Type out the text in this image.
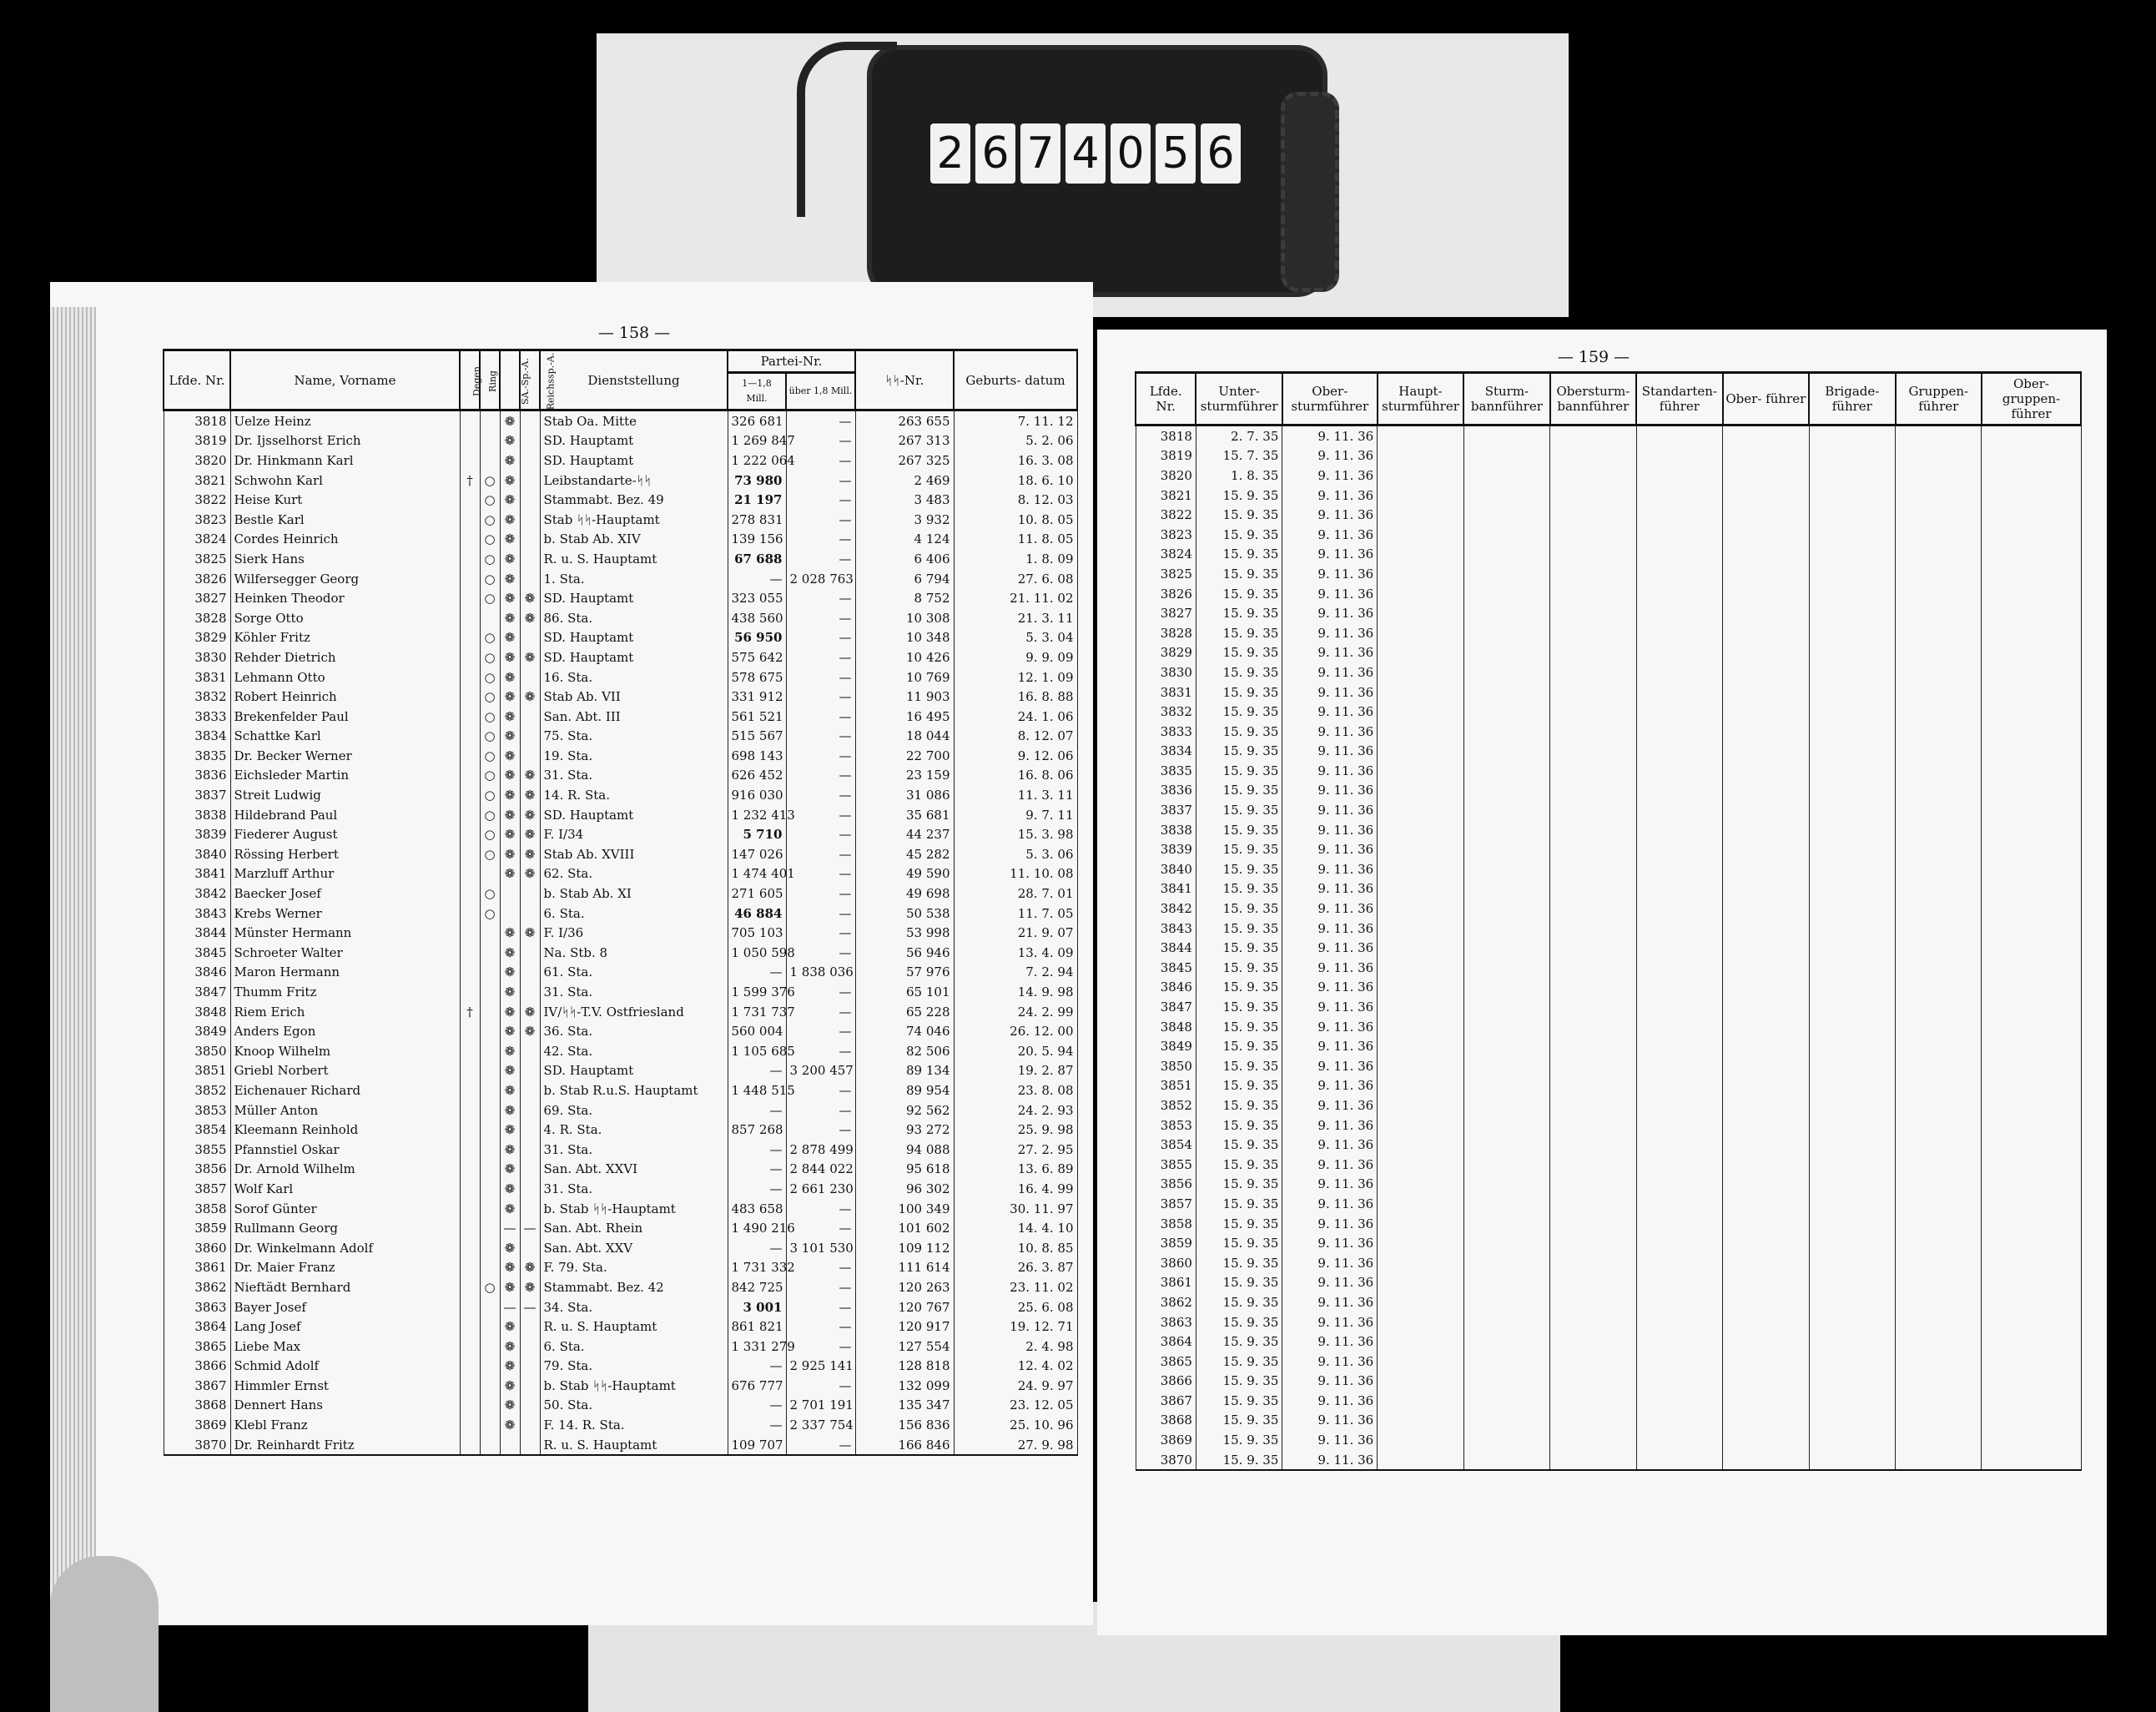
2 6 7 4 0 5 6
— 158 —
Lfde. Nr.	Name, Vorname	Degen	Ring	SA.-Sp.-A.	Reichssp.-A.	Dienststellung	Partei-Nr.		ᛋᛋ-Nr.	Geburts- datum
							1—1,8 Mill.	über 1,8 Mill.		
3818	Uelze Heinz			❁		Stab Oa. Mitte	326 681	—	263 655	7. 11. 12
3819	Dr. Ijsselhorst Erich			❁		SD. Hauptamt	1 269 847	—	267 313	5. 2. 06
3820	Dr. Hinkmann Karl			❁		SD. Hauptamt	1 222 064	—	267 325	16. 3. 08
3821	Schwohn Karl	†	○	❁		Leibstandarte-ᛋᛋ	73 980	—	2 469	18. 6. 10
3822	Heise Kurt		○	❁		Stammabt. Bez. 49	21 197	—	3 483	8. 12. 03
3823	Bestle Karl		○	❁		Stab ᛋᛋ-Hauptamt	278 831	—	3 932	10. 8. 05
3824	Cordes Heinrich		○	❁		b. Stab Ab. XIV	139 156	—	4 124	11. 8. 05
3825	Sierk Hans		○	❁		R. u. S. Hauptamt	67 688	—	6 406	1. 8. 09
3826	Wilfersegger Georg		○	❁		1. Sta.	—	2 028 763	6 794	27. 6. 08
3827	Heinken Theodor		○	❁	❁	SD. Hauptamt	323 055	—	8 752	21. 11. 02
3828	Sorge Otto			❁	❁	86. Sta.	438 560	—	10 308	21. 3. 11
3829	Köhler Fritz		○	❁		SD. Hauptamt	56 950	—	10 348	5. 3. 04
3830	Rehder Dietrich		○	❁	❁	SD. Hauptamt	575 642	—	10 426	9. 9. 09
3831	Lehmann Otto		○	❁		16. Sta.	578 675	—	10 769	12. 1. 09
3832	Robert Heinrich		○	❁	❁	Stab Ab. VII	331 912	—	11 903	16. 8. 88
3833	Brekenfelder Paul		○	❁		San. Abt. III	561 521	—	16 495	24. 1. 06
3834	Schattke Karl		○	❁		75. Sta.	515 567	—	18 044	8. 12. 07
3835	Dr. Becker Werner		○	❁		19. Sta.	698 143	—	22 700	9. 12. 06
3836	Eichsleder Martin		○	❁	❁	31. Sta.	626 452	—	23 159	16. 8. 06
3837	Streit Ludwig		○	❁	❁	14. R. Sta.	916 030	—	31 086	11. 3. 11
3838	Hildebrand Paul		○	❁	❁	SD. Hauptamt	1 232 413	—	35 681	9. 7. 11
3839	Fiederer August		○	❁	❁	F. I/34	5 710	—	44 237	15. 3. 98
3840	Rössing Herbert		○	❁	❁	Stab Ab. XVIII	147 026	—	45 282	5. 3. 06
3841	Marzluff Arthur			❁	❁	62. Sta.	1 474 401	—	49 590	11. 10. 08
3842	Baecker Josef		○			b. Stab Ab. XI	271 605	—	49 698	28. 7. 01
3843	Krebs Werner		○			6. Sta.	46 884	—	50 538	11. 7. 05
3844	Münster Hermann			❁	❁	F. I/36	705 103	—	53 998	21. 9. 07
3845	Schroeter Walter			❁		Na. Stb. 8	1 050 598	—	56 946	13. 4. 09
3846	Maron Hermann			❁		61. Sta.	—	1 838 036	57 976	7. 2. 94
3847	Thumm Fritz			❁		31. Sta.	1 599 376	—	65 101	14. 9. 98
3848	Riem Erich	†		❁	❁	IV/ᛋᛋ-T.V. Ostfriesland	1 731 737	—	65 228	24. 2. 99
3849	Anders Egon			❁	❁	36. Sta.	560 004	—	74 046	26. 12. 00
3850	Knoop Wilhelm			❁		42. Sta.	1 105 685	—	82 506	20. 5. 94
3851	Griebl Norbert			❁		SD. Hauptamt	—	3 200 457	89 134	19. 2. 87
3852	Eichenauer Richard			❁		b. Stab R.u.S. Hauptamt	1 448 515	—	89 954	23. 8. 08
3853	Müller Anton			❁		69. Sta.	—	—	92 562	24. 2. 93
3854	Kleemann Reinhold			❁		4. R. Sta.	857 268	—	93 272	25. 9. 98
3855	Pfannstiel Oskar			❁		31. Sta.	—	2 878 499	94 088	27. 2. 95
3856	Dr. Arnold Wilhelm			❁		San. Abt. XXVI	—	2 844 022	95 618	13. 6. 89
3857	Wolf Karl			❁		31. Sta.	—	2 661 230	96 302	16. 4. 99
3858	Sorof Günter			❁		b. Stab ᛋᛋ-Hauptamt	483 658	—	100 349	30. 11. 97
3859	Rullmann Georg			—	—	San. Abt. Rhein	1 490 216	—	101 602	14. 4. 10
3860	Dr. Winkelmann Adolf			❁		San. Abt. XXV	—	3 101 530	109 112	10. 8. 85
3861	Dr. Maier Franz			❁	❁	F. 79. Sta.	1 731 332	—	111 614	26. 3. 87
3862	Nieftädt Bernhard		○	❁	❁	Stammabt. Bez. 42	842 725	—	120 263	23. 11. 02
3863	Bayer Josef			—	—	34. Sta.	3 001	—	120 767	25. 6. 08
3864	Lang Josef			❁		R. u. S. Hauptamt	861 821	—	120 917	19. 12. 71
3865	Liebe Max			❁		6. Sta.	1 331 279	—	127 554	2. 4. 98
3866	Schmid Adolf			❁		79. Sta.	—	2 925 141	128 818	12. 4. 02
3867	Himmler Ernst			❁		b. Stab ᛋᛋ-Hauptamt	676 777	—	132 099	24. 9. 97
3868	Dennert Hans			❁		50. Sta.	—	2 701 191	135 347	23. 12. 05
3869	Klebl Franz			❁		F. 14. R. Sta.	—	2 337 754	156 836	25. 10. 96
3870	Dr. Reinhardt Fritz					R. u. S. Hauptamt	109 707	—	166 846	27. 9. 98
— 159 —
Lfde. Nr.	Unter- sturmführer	Ober- sturmführer	Haupt- sturmführer	Sturm- bannführer	Obersturm- bannführer	Standarten- führer	Ober- führer	Brigade- führer	Gruppen- führer	Ober- gruppen- führer
3818	2. 7. 35	9. 11. 36								
3819	15. 7. 35	9. 11. 36								
3820	1. 8. 35	9. 11. 36								
3821	15. 9. 35	9. 11. 36								
3822	15. 9. 35	9. 11. 36								
3823	15. 9. 35	9. 11. 36								
3824	15. 9. 35	9. 11. 36								
3825	15. 9. 35	9. 11. 36								
3826	15. 9. 35	9. 11. 36								
3827	15. 9. 35	9. 11. 36								
3828	15. 9. 35	9. 11. 36								
3829	15. 9. 35	9. 11. 36								
3830	15. 9. 35	9. 11. 36								
3831	15. 9. 35	9. 11. 36								
3832	15. 9. 35	9. 11. 36								
3833	15. 9. 35	9. 11. 36								
3834	15. 9. 35	9. 11. 36								
3835	15. 9. 35	9. 11. 36								
3836	15. 9. 35	9. 11. 36								
3837	15. 9. 35	9. 11. 36								
3838	15. 9. 35	9. 11. 36								
3839	15. 9. 35	9. 11. 36								
3840	15. 9. 35	9. 11. 36								
3841	15. 9. 35	9. 11. 36								
3842	15. 9. 35	9. 11. 36								
3843	15. 9. 35	9. 11. 36								
3844	15. 9. 35	9. 11. 36								
3845	15. 9. 35	9. 11. 36								
3846	15. 9. 35	9. 11. 36								
3847	15. 9. 35	9. 11. 36								
3848	15. 9. 35	9. 11. 36								
3849	15. 9. 35	9. 11. 36								
3850	15. 9. 35	9. 11. 36								
3851	15. 9. 35	9. 11. 36								
3852	15. 9. 35	9. 11. 36								
3853	15. 9. 35	9. 11. 36								
3854	15. 9. 35	9. 11. 36								
3855	15. 9. 35	9. 11. 36								
3856	15. 9. 35	9. 11. 36								
3857	15. 9. 35	9. 11. 36								
3858	15. 9. 35	9. 11. 36								
3859	15. 9. 35	9. 11. 36								
3860	15. 9. 35	9. 11. 36								
3861	15. 9. 35	9. 11. 36								
3862	15. 9. 35	9. 11. 36								
3863	15. 9. 35	9. 11. 36								
3864	15. 9. 35	9. 11. 36								
3865	15. 9. 35	9. 11. 36								
3866	15. 9. 35	9. 11. 36								
3867	15. 9. 35	9. 11. 36								
3868	15. 9. 35	9. 11. 36								
3869	15. 9. 35	9. 11. 36								
3870	15. 9. 35	9. 11. 36								
